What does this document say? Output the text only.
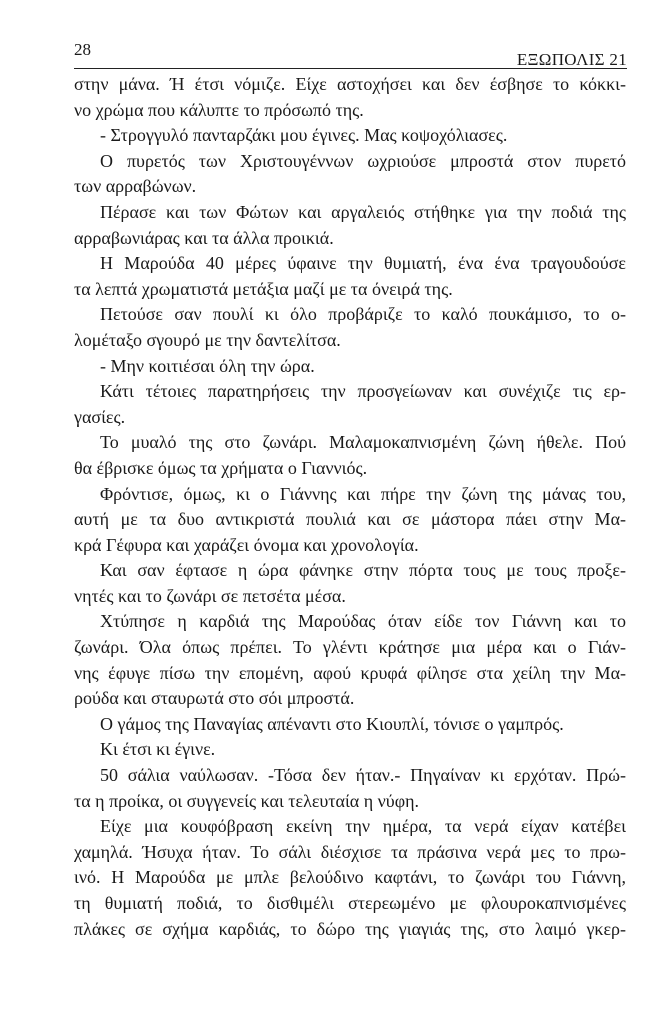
28
ΕΞΩΠΟΛΙΣ 21
στην μάνα. Ή έτσι νόμιζε. Είχε αστοχήσει και δεν έσβησε το κόκκι-
νο χρώμα που κάλυπτε το πρόσωπό της.
- Στρογγυλό πανταρζάκι μου έγινες. Μας κοψοχόλιασες.
Ο πυρετός των Χριστουγέννων ωχριούσε μπροστά στον πυρετό
των αρραβώνων.
Πέρασε και των Φώτων και αργαλειός στήθηκε για την ποδιά της
αρραβωνιάρας και τα άλλα προικιά.
Η Μαρούδα 40 μέρες ύφαινε την θυμιατή, ένα ένα τραγουδούσε
τα λεπτά χρωματιστά μετάξια μαζί με τα όνειρά της.
Πετούσε σαν πουλί κι όλο προβάριζε το καλό πουκάμισο, το ο-
λομέταξο σγουρό με την δαντελίτσα.
- Μην κοιτιέσαι όλη την ώρα.
Κάτι τέτοιες παρατηρήσεις την προσγείωναν και συνέχιζε τις ερ-
γασίες.
Το μυαλό της στο ζωνάρι. Μαλαμοκαπνισμένη ζώνη ήθελε. Πού
θα έβρισκε όμως τα χρήματα ο Γιαννιός.
Φρόντισε, όμως, κι ο Γιάννης και πήρε την ζώνη της μάνας του,
αυτή με τα δυο αντικριστά πουλιά και σε μάστορα πάει στην Μα-
κρά Γέφυρα και χαράζει όνομα και χρονολογία.
Και σαν έφτασε η ώρα φάνηκε στην πόρτα τους με τους προξε-
νητές και το ζωνάρι σε πετσέτα μέσα.
Χτύπησε η καρδιά της Μαρούδας όταν είδε τον Γιάννη και το
ζωνάρι. Όλα όπως πρέπει. Το γλέντι κράτησε μια μέρα και ο Γιάν-
νης έφυγε πίσω την επομένη, αφού κρυφά φίλησε στα χείλη την Μα-
ρούδα και σταυρωτά στο σόι μπροστά.
Ο γάμος της Παναγίας απέναντι στο Κιουπλί, τόνισε ο γαμπρός.
Κι έτσι κι έγινε.
50 σάλια ναύλωσαν. -Τόσα δεν ήταν.- Πηγαίναν κι ερχόταν. Πρώ-
τα η προίκα, οι συγγενείς και τελευταία η νύφη.
Είχε μια κουφόβραση εκείνη την ημέρα, τα νερά είχαν κατέβει
χαμηλά. Ήσυχα ήταν. Το σάλι διέσχισε τα πράσινα νερά μες το πρω-
ινό. Η Μαρούδα με μπλε βελούδινο καφτάνι, το ζωνάρι του Γιάννη,
τη θυμιατή ποδιά, το δισθιμέλι στερεωμένο με φλουροκαπνισμένες
πλάκες σε σχήμα καρδιάς, το δώρο της γιαγιάς της, στο λαιμό γκερ-
